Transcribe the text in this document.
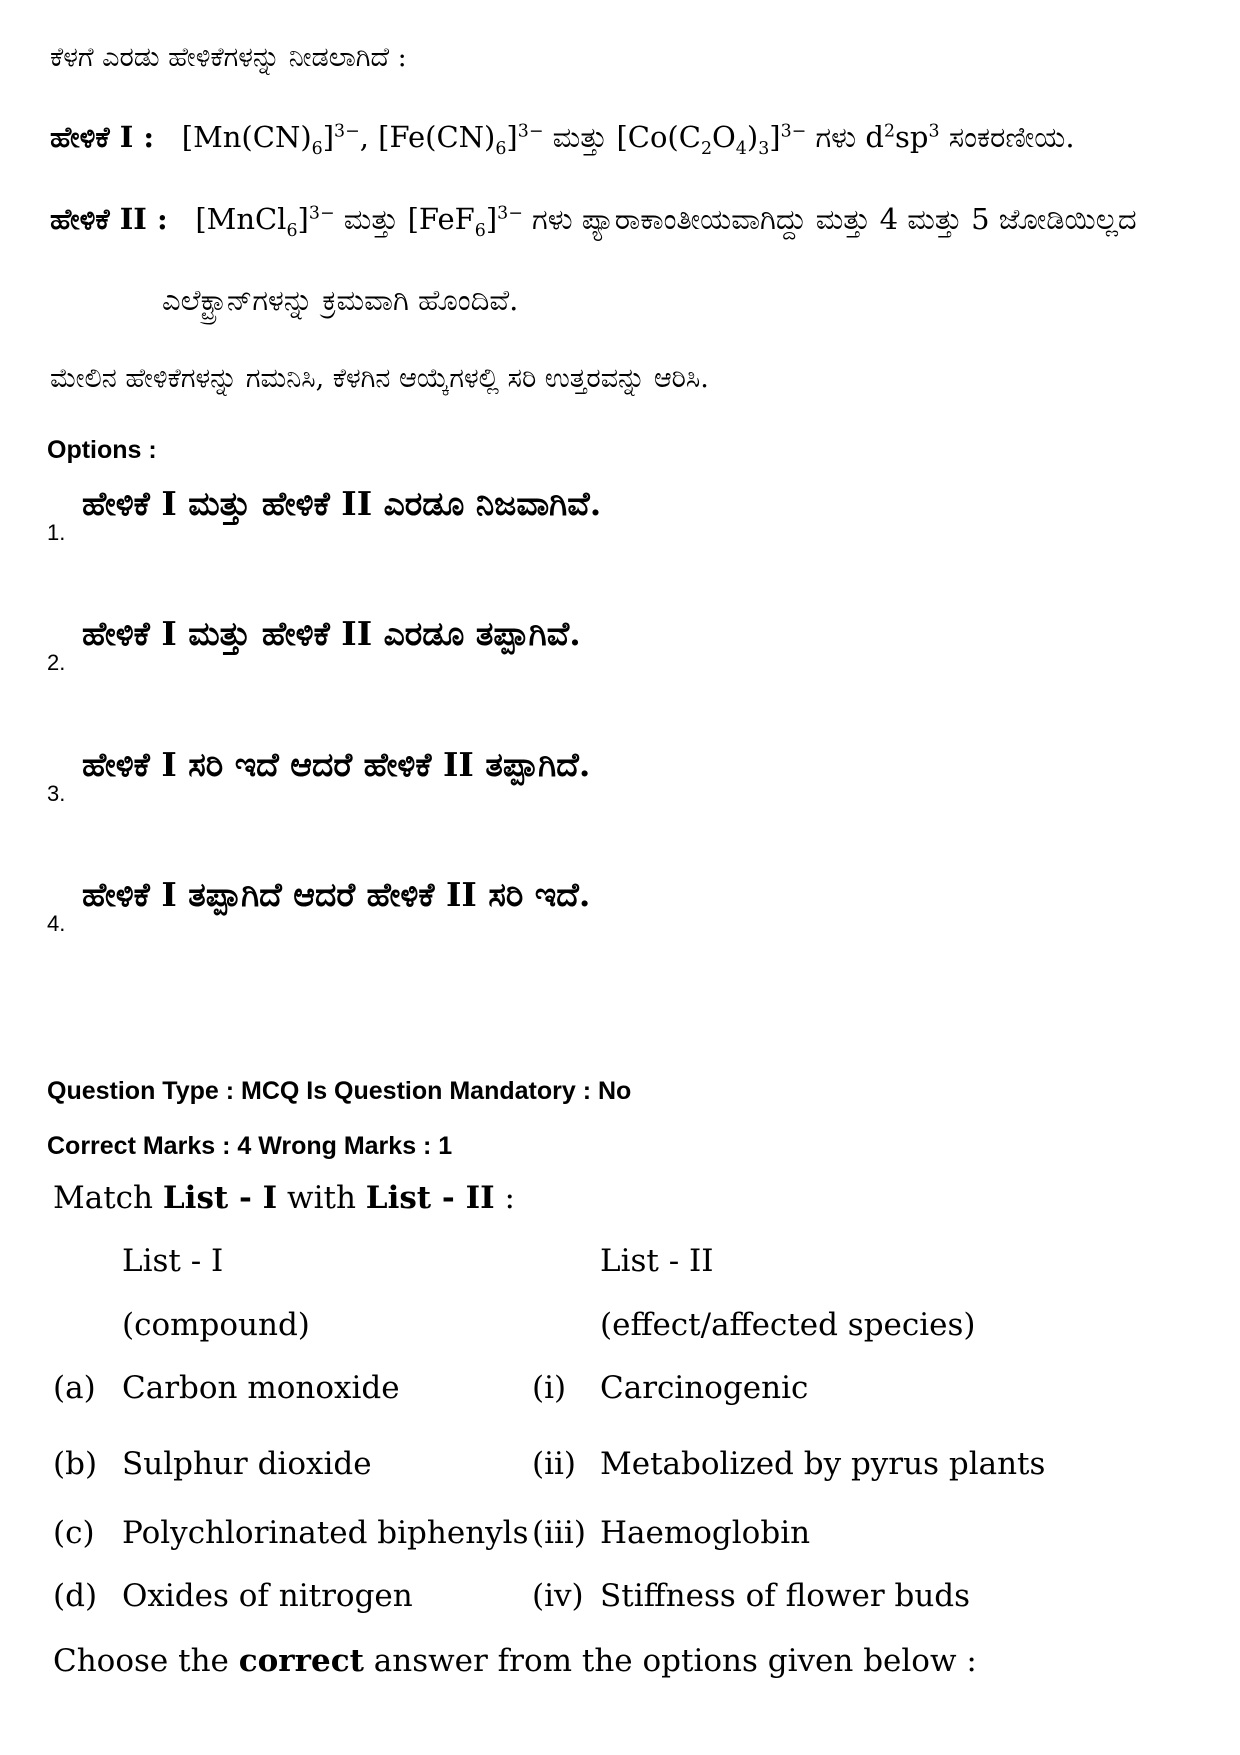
ಕೆಳಗೆ ಎರಡು ಹೇಳಿಕೆಗಳನ್ನು ನೀಡಲಾಗಿದೆ :
ಹೇಳಿಕೆ I : $[Mn(CN)_6]^{3-}$, $[Fe(CN)_6]^{3-}$ ಮತ್ತು $[Co(C_2O_4)_3]^{3-}$ ಗಳು $d^2sp^3$ ಸಂಕರಣೀಯ.
ಹೇಳಿಕೆ II : [MnCl$_6$]$^{3-}$ ಮತ್ತು $[FeF_6]^{3-}$ ಗಳು ಪ್ಯಾರಾಕಾಂತೀಯವಾಗಿದ್ದು ಮತ್ತು 4 ಮತ್ತು 5 ಜೋಡಿಯಿಲ್ಲದ
ಎಲೆಕ್ಟ್ರಾನ್‌ಗಳನ್ನು ಕ್ರಮವಾಗಿ ಹೊಂದಿವೆ.
ಮೇಲಿನ ಹೇಳಿಕೆಗಳನ್ನು ಗಮನಿಸಿ, ಕೆಳಗಿನ ಆಯ್ಕೆಗಳಲ್ಲಿ ಸರಿ ಉತ್ತರವನ್ನು ಆರಿಸಿ.
Options :
1.
ಹೇಳಿಕೆ I ಮತ್ತು ಹೇಳಿಕೆ II ಎರಡೂ ನಿಜವಾಗಿವೆ.
2.
ಹೇಳಿಕೆ I ಮತ್ತು ಹೇಳಿಕೆ II ಎರಡೂ ತಪ್ಪಾಗಿವೆ.
3.
ಹೇಳಿಕೆ I ಸರಿ ಇದೆ ಆದರೆ ಹೇಳಿಕೆ II ತಪ್ಪಾಗಿದೆ.
4.
ಹೇಳಿಕೆ I ತಪ್ಪಾಗಿದೆ ಆದರೆ ಹೇಳಿಕೆ II ಸರಿ ಇದೆ.
Question Type : MCQ Is Question Mandatory : No
Correct Marks : 4 Wrong Marks : 1
Match List - I with List - II :
List - I	List - II
(compound)	(effect/affected species)
(a) Carbon monoxide	(i) Carcinogenic
(b) Sulphur dioxide	(ii) Metabolized by pyrus plants
(c) Polychlorinated biphenyls (iii) Haemoglobin
(d) Oxides of nitrogen	(iv) Stiffness of flower buds
Choose the correct answer from the options given below :
